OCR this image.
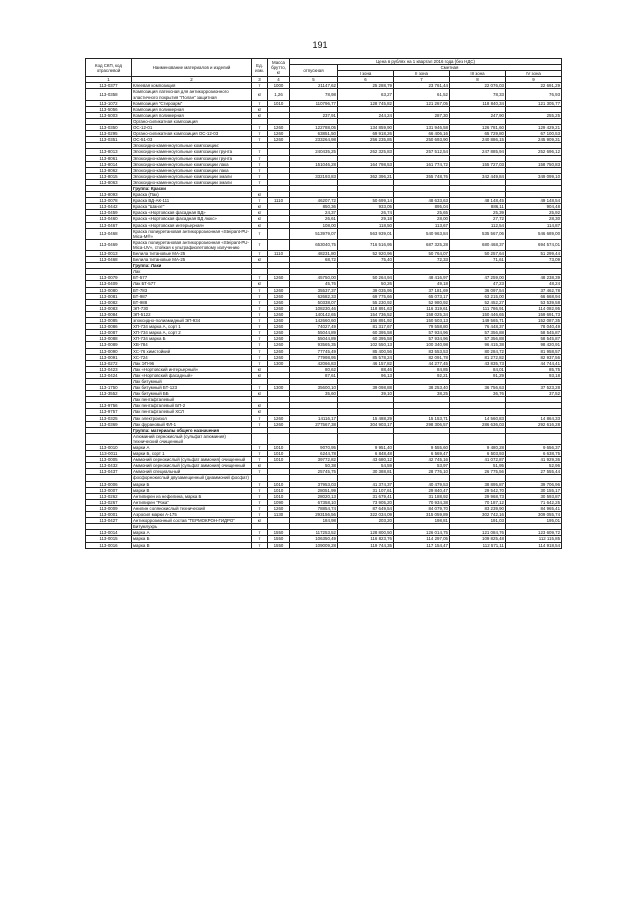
191
Код СКП, код отраслевой	Наименование материалов и изделий	Ед. изм.	Масса брутто, кг	Цена в рублях на 1 квартал 2016 года (без НДС)				
				отпускная	Сметная			
					I зона	II зона	III зона	IV зона
1	2	3	4	5	6	7	8	9
113-0377	Клеевая композиция	т	1000	21147,62	25 288,79	23 761,44	22 076,03	22 691,29
113-0358	Композиция латексная для антикоррозионного эластичного покрытия "Полан" защитная	кг	1,26	78,98	63,27	61,52	78,33	76,93
113-1072	Композиция "Стироарм"	т	1010	110796,77	128 745,82	121 267,05	118 840,34	121 305,77
113-5056	Композиция полимерная	кг						
113-5003	Композиция полимерная	кг		237,91	244,24	287,30	247,90	255,25
	Органо-силикатная композиция							
113-0350	ОС-12-01	т	1260	122788,05	134 859,90	131 946,58	126 781,60	129 429,21
113-0295	Органо-силикатная композиция ОС-12-03	т	1260	63851,50	69 918,26	66 406,16	65 729,80	67 100,53
113-0351	ОС-51-03	т	1260	233264,98	256 235,85	250 693,90	240 886,15	245 909,31
	Эпоксидно-каменноугольные композиции:							
113-8013	Эпоксидно-каменноугольные композиции грунта	т		240435,25	262 325,83	257 512,54	247 885,94	252 696,12
113-8061	Эпоксидно-каменноугольные композиции грунта	т						
113-8014	Эпоксидно-каменноугольные композиции лака	т		151046,28	164 798,53	161 774,72	155 727,03	158 750,83
113-8062	Эпоксидно-каменноугольные композиции лака	т						
113-8015	Эпоксидно-каменноугольные композиции эмали	т		332193,83	362 396,21	355 748,76	342 449,84	349 099,10
113-8063	Эпоксидно-каменноугольные композиции эмали	т						
	Группа: Краски							
113-8093	Краска (Пак)	кг						
113-0078	Краска ВД-АК-111	т	1110	46207,72	50 699,14	48 633,63	48 148,45	49 148,54
113-0442	Краска "Шанэт"	кг		850,36	933,05	895,04	886,11	904,48
113-0459	Краска «Нортовская фасадная ВД»	кг		24,37	26,74	25,65	25,39	25,92
113-0460	Краска «Нортовская фасадная ВД люкс»	кг		26,61	29,18	28,00	27,72	28,30
113-0467	Краска «Нортовская интерьерная»	кг		108,00	118,50	113,67	112,54	114,87
113-0468	Краска полиуретановая антикоррозионная «Steipant-PU-Mica-M®»	т		513979,07	563 939,01	540 963,84	535 567,06	546 689,00
113-0469	Краска полиуретановая антикоррозионная «Steipant-PU-Mica-UV», стойкая к ультрафиолетовому излучению	т		653040,75	716 516,95	687 325,28	680 468,37	694 574,01
113-0013	Белила титановые МА-25	т	1110	48231,80	52 920,96	50 764,07	50 257,64	51 299,44
113-0468	Белила титановые МА-25	кг		68,72	75,40	72,33	71,61	73,09
	Группа: Лаки							
	Лак							
113-0079	БТ-577	т	1260	45750,00	50 264,94	48 416,97	47 259,00	48 238,39
113-0409	Лак БТ-577	кг		45,76	50,26	49,18	47,23	48,24
113-0080	БТ-783	т	1260	35537,37	39 035,95	37 181,69	36 097,54	37 462,78
113-0081	БТ-987	т	1260	62682,33	69 775,66	65 073,17	63 215,00	66 668,94
113-0082	БТ-988	т	1260	50338,07	55 230,92	52 980,92	52 452,27	53 539,58
113-0083	ЭП-730	т	1260	108230,46	118 891,63	116 319,61	111 786,91	114 082,95
113-0084	ЭП-5122	т	1260	140142,65	154 736,52	158 025,34	150 446,65	159 691,73
113-0085	эпоксидно-полиамидный ЭП-934	т	1260	142660,60	156 891,92	150 503,13	149 565,71	152 087,35
113-0086	ХП-734 марка А, сорт 1	т	1260	74027,49	81 317,67	79 558,80	76 448,37	78 040,49
113-0087	ХП-734 марка А, сорт 2	т	1260	55044,89	60 395,58	57 934,96	57 356,88	58 545,87
113-0088	ХП-734 марка Б	т	1260	55044,89	60 395,58	57 934,96	57 356,88	58 545,87
113-0089	ХВ-784	т	1260	93565,35	102 550,13	100 340,98	96 415,38	98 420,91
113-0090	ХС-76 химстойкий	т	1260	77745,49	85 400,56	83 553,53	80 284,72	81 958,57
113-0091	ХС-724	т	1260	77998,95	85 578,24	82 091,78	81 272,82	82 937,56
113-0272	Лак ЭП-96	т	1300	42066,83	46 157,82	44 277,45	43 835,73	44 744,41
113-0423	Лак «Нортовский интерьерный»	кг		80,62	88,46	84,85	84,01	85,75
113-0424	Лак «Нортовский фасадный»	кг		87,61	96,13	92,21	91,29	93,18
	Лак битумный							
113-1750	Лак битумный БТ-123	т	1300	35600,10	39 098,88	38 253,40	36 756,63	37 523,28
113-3552	Лак битумный ББ	кг		35,60	39,10	38,25	36,76	37,52
	Лак пентафталевый							
113-9756	Лак пентафталевый БП-2	кг						
113-9757	Лак пентафталевый ХСЛ	кг						
113-0325	Лак электроизол	т	1260	14116,17	15 488,29	15 153,71	14 560,83	14 864,33
113-0369	Лак фурановый ФЛ-1	т	1260	277567,38	304 903,17	298 306,57	286 636,03	292 616,28
	Группа: материалы общего назначения							
	Алюминий сернокислый (сульфат алюминия) технический очищенный							
113-0010	марки А	т	1010	9070,95	9 951,40	9 555,60	9 480,28	9 656,37
113-0011	марки Б, сорт 1	т	1010	6244,78	6 848,48	6 569,47	6 503,93	6 638,75
113-0005	Аммоний сернокислый (сульфат аммония) очищенный	т	1010	39772,82	43 680,12	42 745,16	41 072,87	41 929,36
113-0432	Аммоний сернокислый (сульфат аммония) очищенный	кг		50,38	54,59	53,97	51,95	52,96
113-0437	Аммоний специальный	т		25745,75	30 388,81	28 776,10	26 775,56	27 555,44
	фосфорнокислый двузамещенный (диаммоний фосфат)							
113-0006	марки Б	т	1010	37953,03	41 374,37	40 479,53	38 895,87	39 706,96
113-0007	марки В	т	1010	28051,99	31 107,61	29 840,47	29 542,70	30 155,17
113-0262	Антипирен из нефелина, марка Б	т	1010	28020,13	31 679,41	31 188,92	29 968,73	30 593,87
113-0267	Антипирен "Рока"	т	1090	67358,10	73 905,20	70 934,38	70 187,12	71 642,25
113-0009	Анилин солянокислый технический	т	1260	78854,74	87 649,54	84 079,70	83 239,90	84 965,41
113-0001	Аэросил марки А-175	т	1130	293156,56	322 034,09	315 059,89	302 742,16	309 055,74
113-0427	Антикоррозионный состав "ТЕРМОКРОН-ГИДРО"	кг		184,98	203,20	198,81	191,03	195,01
	Битумлухрь							
113-0014	марка А	т	1550	117253,52	128 800,50	126 014,75	121 084,76	123 609,72
113-0015	марка Б	т	1550	106350,49	116 823,76	114 297,05	109 825,48	112 115,85
113-0016	марка В	т	1550	109009,28	119 744,35	117 154,47	112 571,11	114 918,54
